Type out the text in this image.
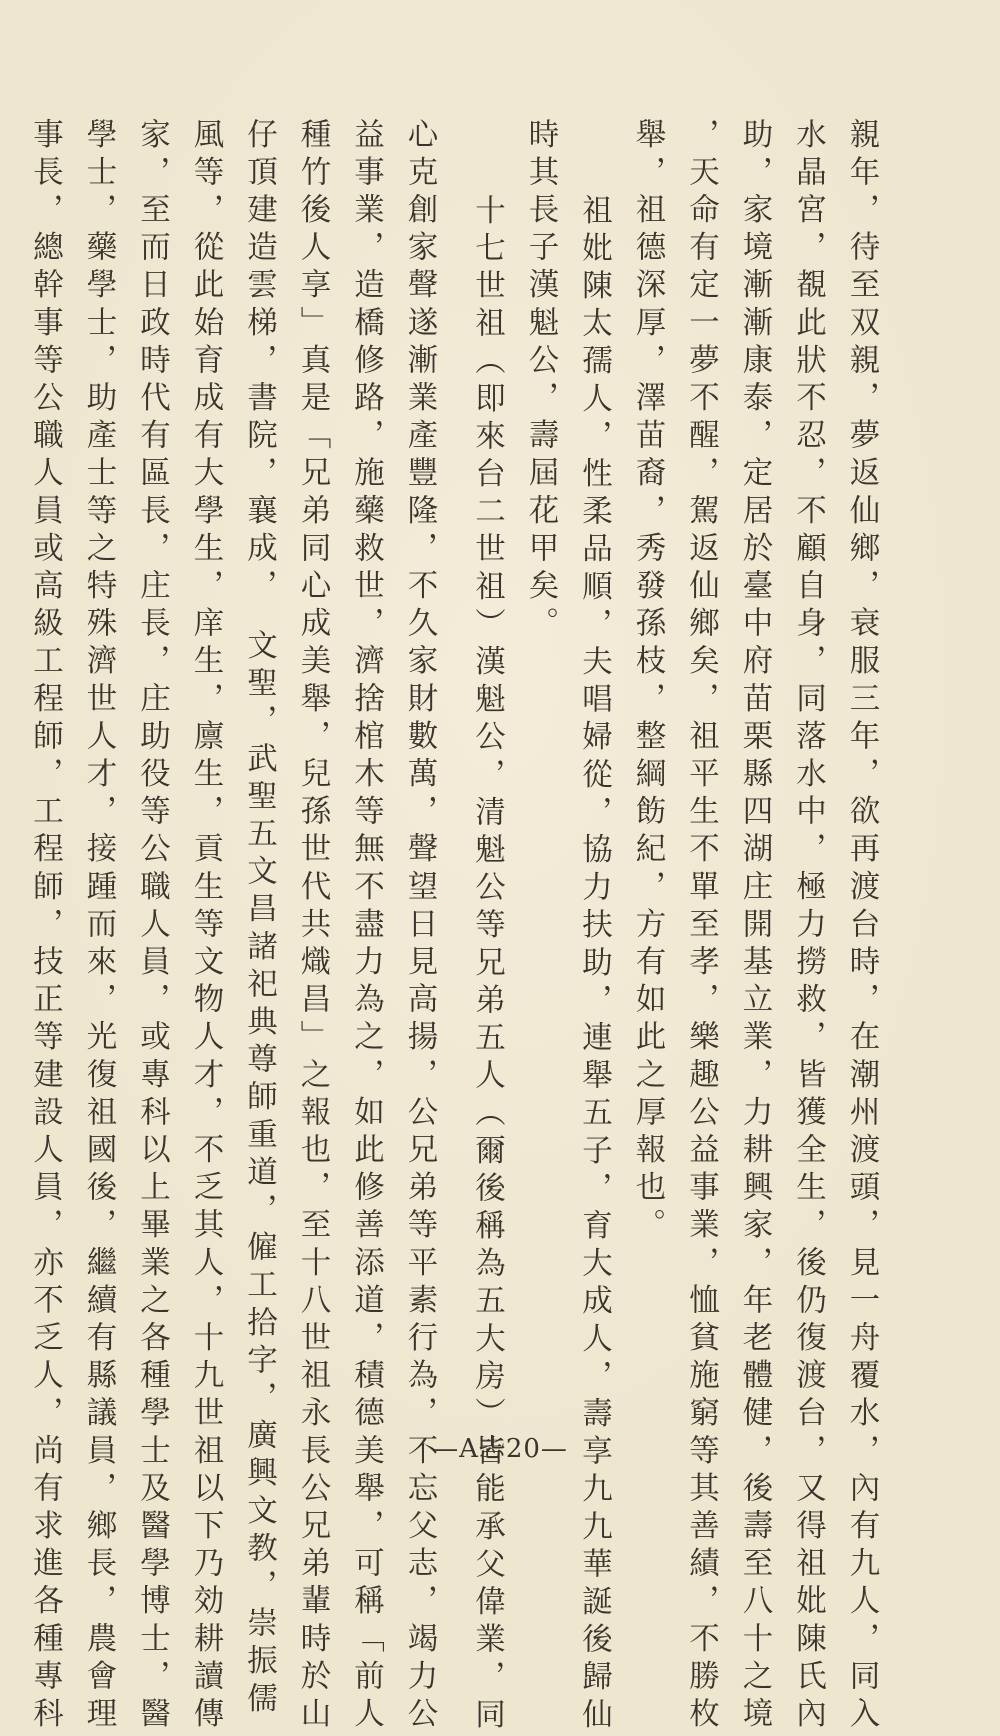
親年，待至双親，夢返仙鄉，衰服三年，欲再渡台時，在潮州渡頭，見一舟覆水，內有九人，同入
水晶宮，覩此狀不忍，不顧自身，同落水中，極力撈救，皆獲全生，後仍復渡台，又得祖妣陳氏內
助，家境漸漸康泰，定居於臺中府苗栗縣四湖庄開基立業，力耕興家，年老體健，後壽至八十之境
，天命有定一夢不醒，駕返仙鄉矣，祖平生不單至孝，樂趣公益事業，恤貧施窮等其善績，不勝枚
舉，祖德深厚，澤苗裔，秀發孫枝，整綱飭紀，方有如此之厚報也。
祖妣陳太孺人，性柔品順，夫唱婦從，協力扶助，連舉五子，育大成人，壽享九九華誕後歸仙
時其長子漢魁公，壽屆花甲矣。
十七世祖（即來台二世祖）漢魁公，清魁公等兄弟五人（爾後稱為五大房）皆能承父偉業，同
心克創家聲遂漸業產豐隆，不久家財數萬，聲望日見高揚，公兄弟等平素行為，不忘父志，竭力公
益事業，造橋修路，施藥救世，濟捨棺木等無不盡力為之，如此修善添道，積德美舉，可稱「前人
種竹後人享」真是「兄弟同心成美舉，兒孫世代共熾昌」之報也，至十八世祖永長公兄弟輩時於山
仔頂建造雲梯，書院，襄成，　文聖，武聖五文昌諸祀典尊師重道，僱工拾字，廣興文教，崇振儒
風等，從此始育成有大學生，庠生，廪生，貢生等文物人才，不乏其人，十九世祖以下乃効耕讀傳
家，至而日政時代有區長，庄長，庄助役等公職人員，或專科以上畢業之各種學士及醫學博士，醫
學士，藥學士，助產士等之特殊濟世人才，接踵而來，光復祖國後，繼續有縣議員，鄉長，農會理
事長，總幹事等公職人員或高級工程師，工程師，技正等建設人員，亦不乏人，尚有求進各種專科	—A志20—
